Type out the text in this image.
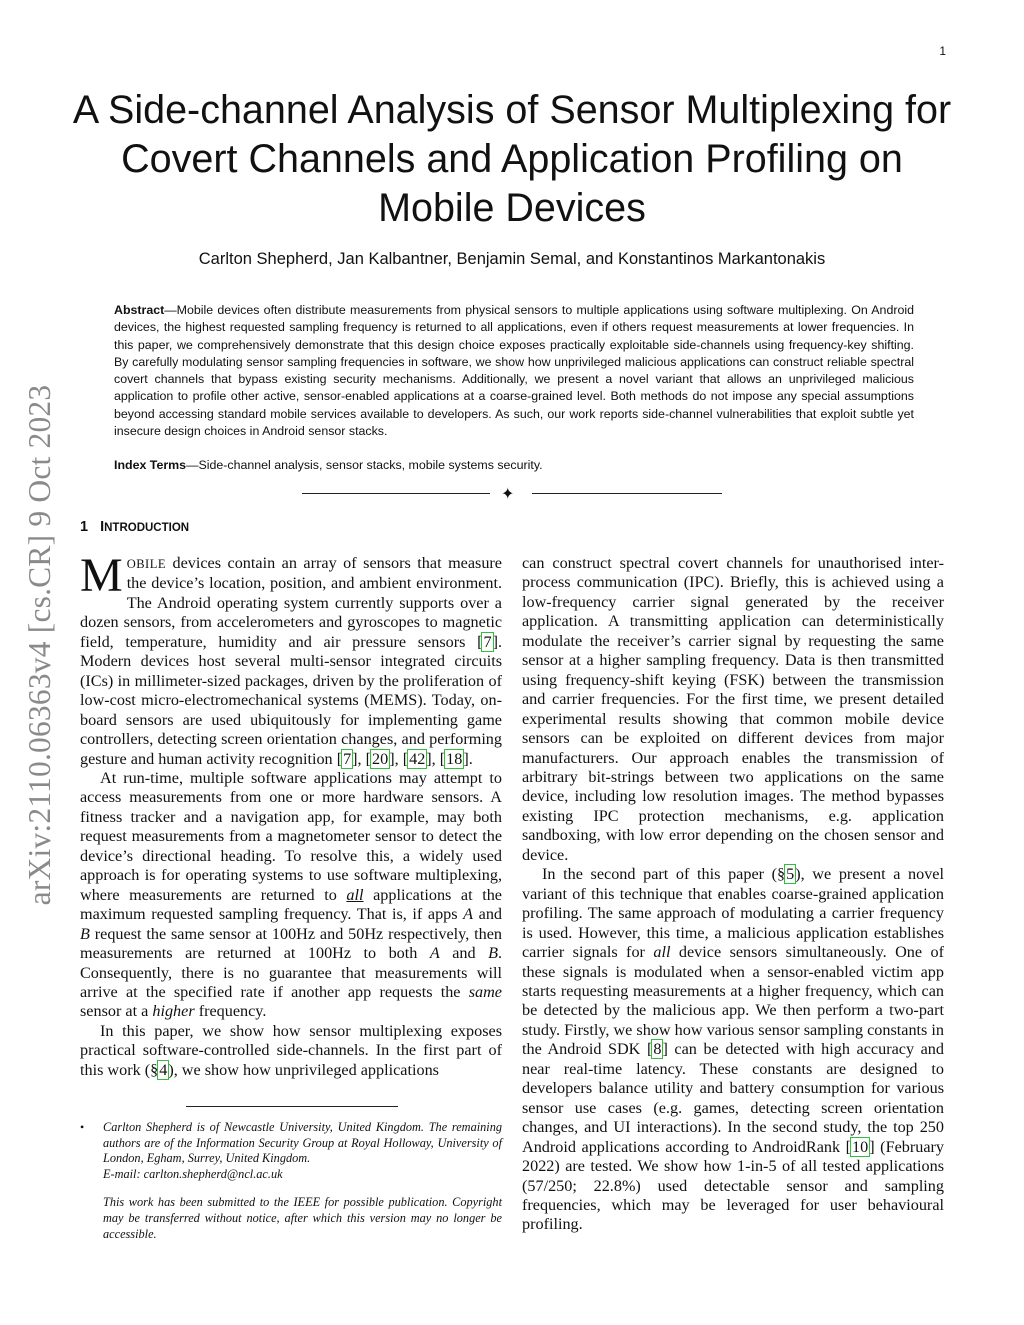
1
arXiv:2110.06363v4 [cs.CR] 9 Oct 2023
A Side-channel Analysis of Sensor Multiplexing for Covert Channels and Application Profiling on Mobile Devices
Carlton Shepherd, Jan Kalbantner, Benjamin Semal, and Konstantinos Markantonakis

Abstract—Mobile devices often distribute measurements from physical sensors to multiple applications using software multiplexing. On Android devices, the highest requested sampling frequency is returned to all applications, even if others request measurements at lower frequencies. In this paper, we comprehensively demonstrate that this design choice exposes practically exploitable side-channels using frequency-key shifting. By carefully modulating sensor sampling frequencies in software, we show how unprivileged malicious applications can construct reliable spectral covert channels that bypass existing security mechanisms. Additionally, we present a novel variant that allows an unprivileged malicious application to profile other active, sensor-enabled applications at a coarse-grained level. Both methods do not impose any special assumptions beyond accessing standard mobile services available to developers. As such, our work reports side-channel vulnerabilities that exploit subtle yet insecure design choices in Android sensor stacks.

Index Terms—Side-channel analysis, sensor stacks, mobile systems security.

✦
1 INTRODUCTION

MOBILE devices contain an array of sensors that measure the device’s location, position, and ambient environment. The Android operating system currently supports over a dozen sensors, from accelerometers and gyroscopes to magnetic field, temperature, humidity and air pressure sensors [7]. Modern devices host several multi-sensor integrated circuits (ICs) in millimeter-sized packages, driven by the proliferation of low-cost micro-electromechanical systems (MEMS). Today, on-board sensors are used ubiquitously for implementing game controllers, detecting screen orientation changes, and performing gesture and human activity recognition [7], [20], [42], [18].

At run-time, multiple software applications may attempt to access measurements from one or more hardware sensors. A fitness tracker and a navigation app, for example, may both request measurements from a magnetometer sensor to detect the device’s directional heading. To resolve this, a widely used approach is for operating systems to use software multiplexing, where measurements are returned to all applications at the maximum requested sampling frequency. That is, if apps A and B request the same sensor at 100Hz and 50Hz respectively, then measurements are returned at 100Hz to both A and B. Consequently, there is no guarantee that measurements will arrive at the specified rate if another app requests the same sensor at a higher frequency.

In this paper, we show how sensor multiplexing exposes practical software-controlled side-channels. In the first part of this work (§4), we show how unprivileged applications

can construct spectral covert channels for unauthorised inter-process communication (IPC). Briefly, this is achieved using a low-frequency carrier signal generated by the receiver application. A transmitting application can deterministically modulate the receiver’s carrier signal by requesting the same sensor at a higher sampling frequency. Data is then transmitted using frequency-shift keying (FSK) between the transmission and carrier frequencies. For the first time, we present detailed experimental results showing that common mobile device sensors can be exploited on different devices from major manufacturers. Our approach enables the transmission of arbitrary bit-strings between two applications on the same device, including low resolution images. The method bypasses existing IPC protection mechanisms, e.g. application sandboxing, with low error depending on the chosen sensor and device.

In the second part of this paper (§5), we present a novel variant of this technique that enables coarse-grained application profiling. The same approach of modulating a carrier frequency is used. However, this time, a malicious application establishes carrier signals for all device sensors simultaneously. One of these signals is modulated when a sensor-enabled victim app starts requesting measurements at a higher frequency, which can be detected by the malicious app. We then perform a two-part study. Firstly, we show how various sensor sampling constants in the Android SDK [8] can be detected with high accuracy and near real-time latency. These constants are designed to developers balance utility and battery consumption for various sensor use cases (e.g. games, detecting screen orientation changes, and UI interactions). In the second study, the top 250 Android applications according to AndroidRank [10] (February 2022) are tested. We show how 1-in-5 of all tested applications (57/250; 22.8%) used detectable sensor and sampling frequencies, which may be leveraged for user behavioural profiling.

• Carlton Shepherd is of Newcastle University, United Kingdom. The remaining authors are of the Information Security Group at Royal Holloway, University of London, Egham, Surrey, United Kingdom.
E-mail: carlton.shepherd@ncl.ac.uk

This work has been submitted to the IEEE for possible publication. Copyright may be transferred without notice, after which this version may no longer be accessible.
